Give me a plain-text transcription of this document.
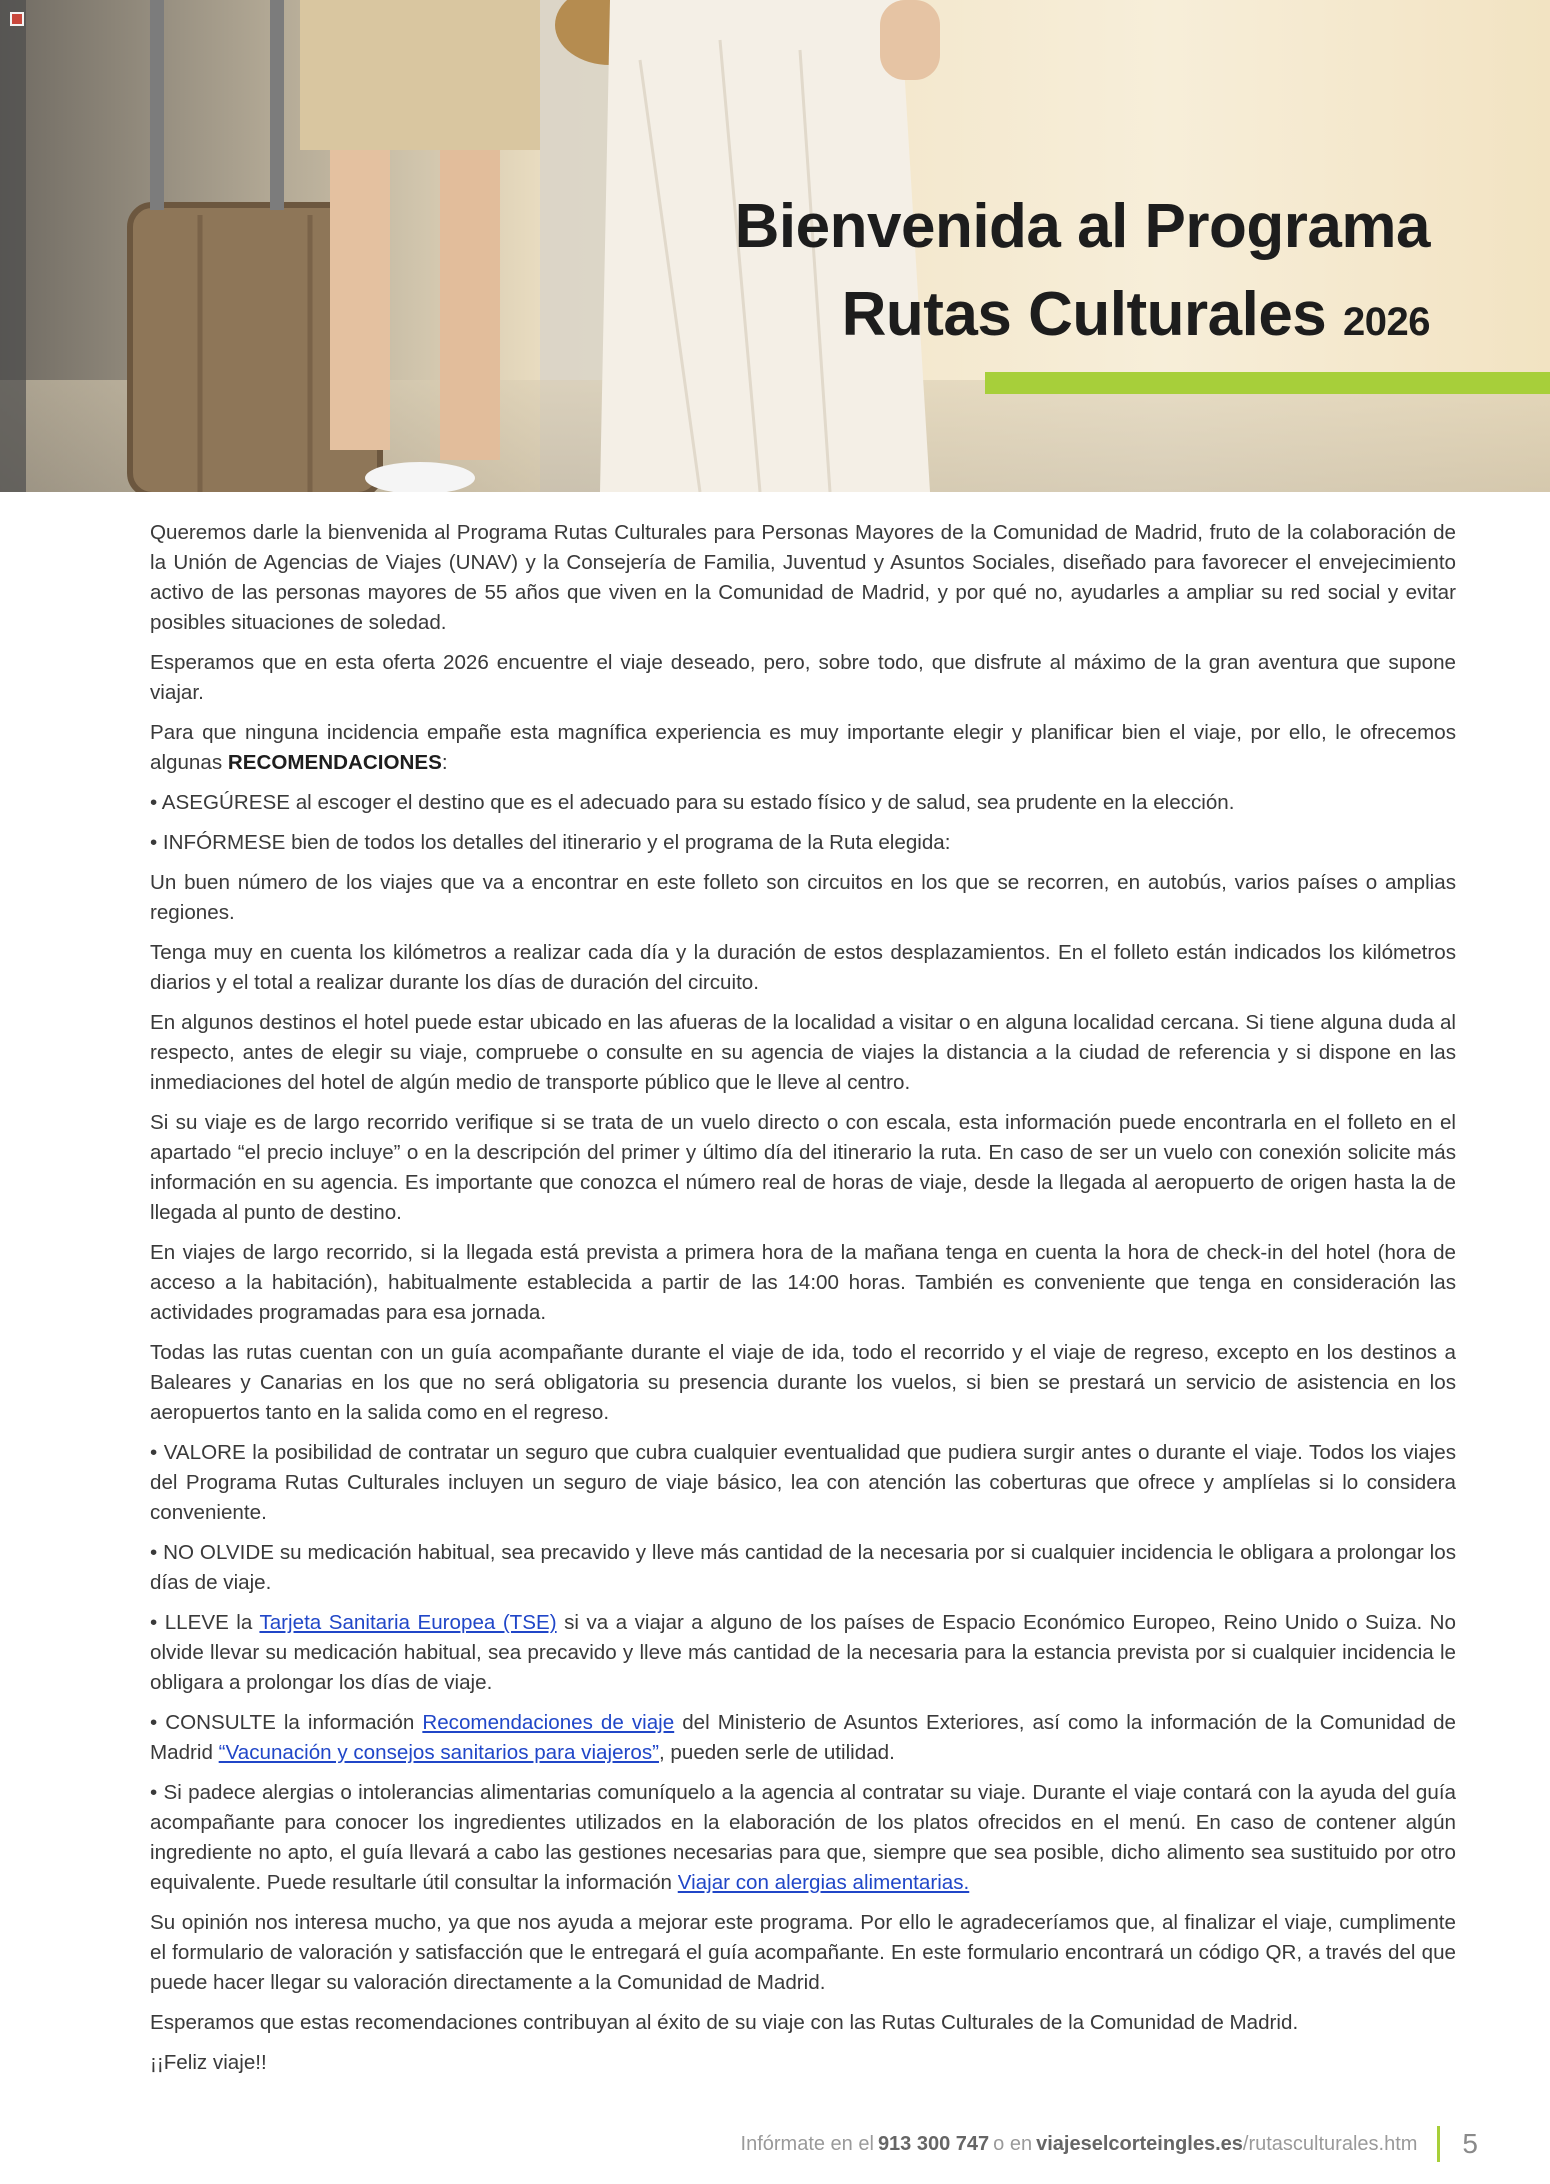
Bienvenida al Programa
Rutas Culturales 2026

Queremos darle la bienvenida al Programa Rutas Culturales para Personas Mayores de la Comunidad de Madrid, fruto de la colaboración de la Unión de Agencias de Viajes (UNAV) y la Consejería de Familia, Juventud y Asuntos Sociales, diseñado para favorecer el envejecimiento activo de las personas mayores de 55 años que viven en la Comunidad de Madrid, y por qué no, ayudarles a ampliar su red social y evitar posibles situaciones de soledad.

Esperamos que en esta oferta 2026 encuentre el viaje deseado, pero, sobre todo, que disfrute al máximo de la gran aventura que supone viajar.

Para que ninguna incidencia empañe esta magnífica experiencia es muy importante elegir y planificar bien el viaje, por ello, le ofrecemos algunas RECOMENDACIONES:

• ASEGÚRESE al escoger el destino que es el adecuado para su estado físico y de salud, sea prudente en la elección.

• INFÓRMESE bien de todos los detalles del itinerario y el programa de la Ruta elegida:

Un buen número de los viajes que va a encontrar en este folleto son circuitos en los que se recorren, en autobús, varios países o amplias regiones.

Tenga muy en cuenta los kilómetros a realizar cada día y la duración de estos desplazamientos. En el folleto están indicados los kilómetros diarios y el total a realizar durante los días de duración del circuito.

En algunos destinos el hotel puede estar ubicado en las afueras de la localidad a visitar o en alguna localidad cercana. Si tiene alguna duda al respecto, antes de elegir su viaje, compruebe o consulte en su agencia de viajes la distancia a la ciudad de referencia y si dispone en las inmediaciones del hotel de algún medio de transporte público que le lleve al centro.

Si su viaje es de largo recorrido verifique si se trata de un vuelo directo o con escala, esta información puede encontrarla en el folleto en el apartado “el precio incluye” o en la descripción del primer y último día del itinerario la ruta. En caso de ser un vuelo con conexión solicite más información en su agencia. Es importante que conozca el número real de horas de viaje, desde la llegada al aeropuerto de origen hasta la de llegada al punto de destino.

En viajes de largo recorrido, si la llegada está prevista a primera hora de la mañana tenga en cuenta la hora de check-in del hotel (hora de acceso a la habitación), habitualmente establecida a partir de las 14:00 horas. También es conveniente que tenga en consideración las actividades programadas para esa jornada.

Todas las rutas cuentan con un guía acompañante durante el viaje de ida, todo el recorrido y el viaje de regreso, excepto en los destinos a Baleares y Canarias en los que no será obligatoria su presencia durante los vuelos, si bien se prestará un servicio de asistencia en los aeropuertos tanto en la salida como en el regreso.

• VALORE la posibilidad de contratar un seguro que cubra cualquier eventualidad que pudiera surgir antes o durante el viaje. Todos los viajes del Programa Rutas Culturales incluyen un seguro de viaje básico, lea con atención las coberturas que ofrece y amplíelas si lo considera conveniente.

• NO OLVIDE su medicación habitual, sea precavido y lleve más cantidad de la necesaria por si cualquier incidencia le obligara a prolongar los días de viaje.

• LLEVE la Tarjeta Sanitaria Europea (TSE) si va a viajar a alguno de los países de Espacio Económico Europeo, Reino Unido o Suiza. No olvide llevar su medicación habitual, sea precavido y lleve más cantidad de la necesaria para la estancia prevista por si cualquier incidencia le obligara a prolongar los días de viaje.

• CONSULTE la información Recomendaciones de viaje del Ministerio de Asuntos Exteriores, así como la información de la Comunidad de Madrid “Vacunación y consejos sanitarios para viajeros”, pueden serle de utilidad.

• Si padece alergias o intolerancias alimentarias comuníquelo a la agencia al contratar su viaje. Durante el viaje contará con la ayuda del guía acompañante para conocer los ingredientes utilizados en la elaboración de los platos ofrecidos en el menú. En caso de contener algún ingrediente no apto, el guía llevará a cabo las gestiones necesarias para que, siempre que sea posible, dicho alimento sea sustituido por otro equivalente. Puede resultarle útil consultar la información Viajar con alergias alimentarias.

Su opinión nos interesa mucho, ya que nos ayuda a mejorar este programa. Por ello le agradeceríamos que, al finalizar el viaje, cumplimente el formulario de valoración y satisfacción que le entregará el guía acompañante. En este formulario encontrará un código QR, a través del que puede hacer llegar su valoración directamente a la Comunidad de Madrid.

Esperamos que estas recomendaciones contribuyan al éxito de su viaje con las Rutas Culturales de la Comunidad de Madrid.

¡¡Feliz viaje!!

Infórmate en el 913 300 747 o en viajeselcorteingles.es /rutasculturales.htm 5
